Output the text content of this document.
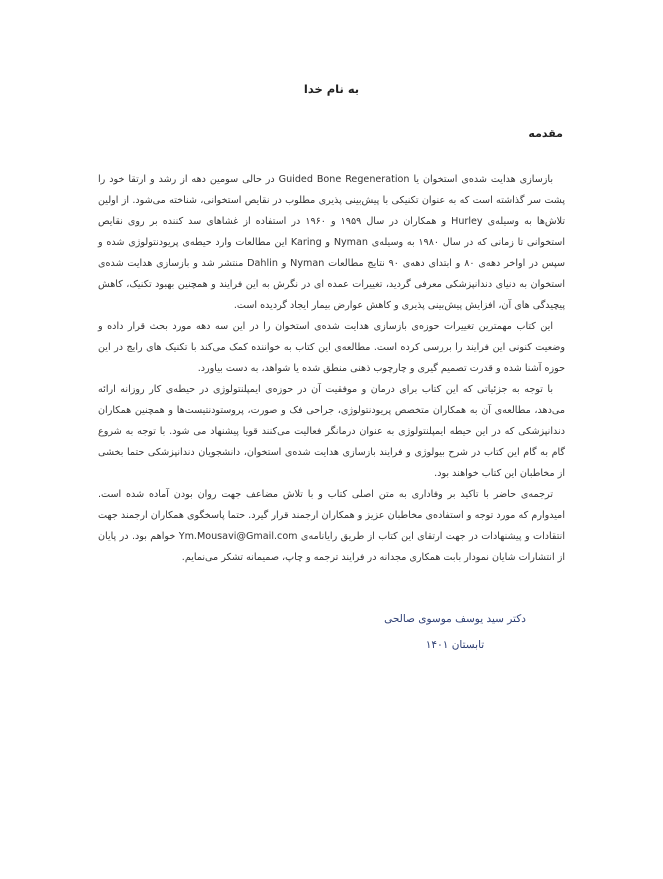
به نام خدا
مقدمه

بازسازی هدایت شده‌ی استخوان یا Guided Bone Regeneration در حالی سومین دهه از رشد و ارتقا خود را پشت سر گذاشته است که به عنوان تکنیکی با پیش‌بینی پذیری مطلوب در نقایص استخوانی، شناخته می‌شود. از اولین تلاش‌ها به وسیله‌ی Hurley و همکاران در سال ۱۹۵۹ و ۱۹۶۰ در استفاده از غشاهای سد کننده بر روی نقایص استخوانی تا زمانی که در سال ۱۹۸۰ به وسیله‌ی Nyman و Karing این مطالعات وارد حیطه‌ی پریودنتولوژی شده و سپس در اواخر دهه‌ی ۸۰ و ابتدای دهه‌ی ۹۰ نتایج مطالعات Nyman و Dahlin منتشر شد و بازسازی هدایت شده‌ی استخوان به دنیای دندانپزشکی معرفی گردید، تغییرات عمده ای در نگرش به این فرایند و همچنین بهبود تکنیک، کاهش پیچیدگی های آن، افزایش پیش‌بینی پذیری و کاهش عوارض بیمار ایجاد گردیده است.

این کتاب مهمترین تغییرات حوزه‌ی بازسازی هدایت شده‌ی استخوان را در این سه دهه مورد بحث قرار داده و وضعیت کنونی این فرایند را بررسی کرده است. مطالعه‌ی این کتاب به خواننده کمک می‌کند با تکنیک های رایج در این حوزه آشنا شده و قدرت تصمیم گیری و چارچوب ذهنی منطق شده یا شواهد، به دست بیاورد.

با توجه به جزئیاتی که این کتاب برای درمان و موفقیت آن در حوزه‌ی ایمپلنتولوژی در حیطه‌ی کار روزانه ارائه می‌دهد، مطالعه‌ی آن به همکاران متخصص پریودنتولوژی، جراحی فک و صورت، پروستودنتیست‌ها و همچنین همکاران دندانپزشکی که در این حیطه ایمپلنتولوژی به عنوان درمانگر فعالیت می‌کنند قویا پیشنهاد می شود. با توجه به شروع گام به گام این کتاب در شرح بیولوژی و فرایند بازسازی هدایت شده‌ی استخوان، دانشجویان دندانپزشکی حتما بخشی از مخاطبان این کتاب خواهند بود.

ترجمه‌ی حاضر با تاکید بر وفاداری به متن اصلی کتاب و با تلاش مضاعف جهت روان بودن آماده شده است. امیدوارم که مورد توجه و استفاده‌ی مخاطبان عزیز و همکاران ارجمند قرار گیرد. حتما پاسخگوی همکاران ارجمند جهت انتقادات و پیشنهادات در جهت ارتقای این کتاب از طریق رایانامه‌ی Ym.Mousavi@Gmail.com خواهم بود. در پایان از انتشارات شایان نمودار بابت همکاری مجدانه در فرایند ترجمه و چاپ، صمیمانه تشکر می‌نمایم.

دکتر سید یوسف موسوی صالحی
تابستان ۱۴۰۱
